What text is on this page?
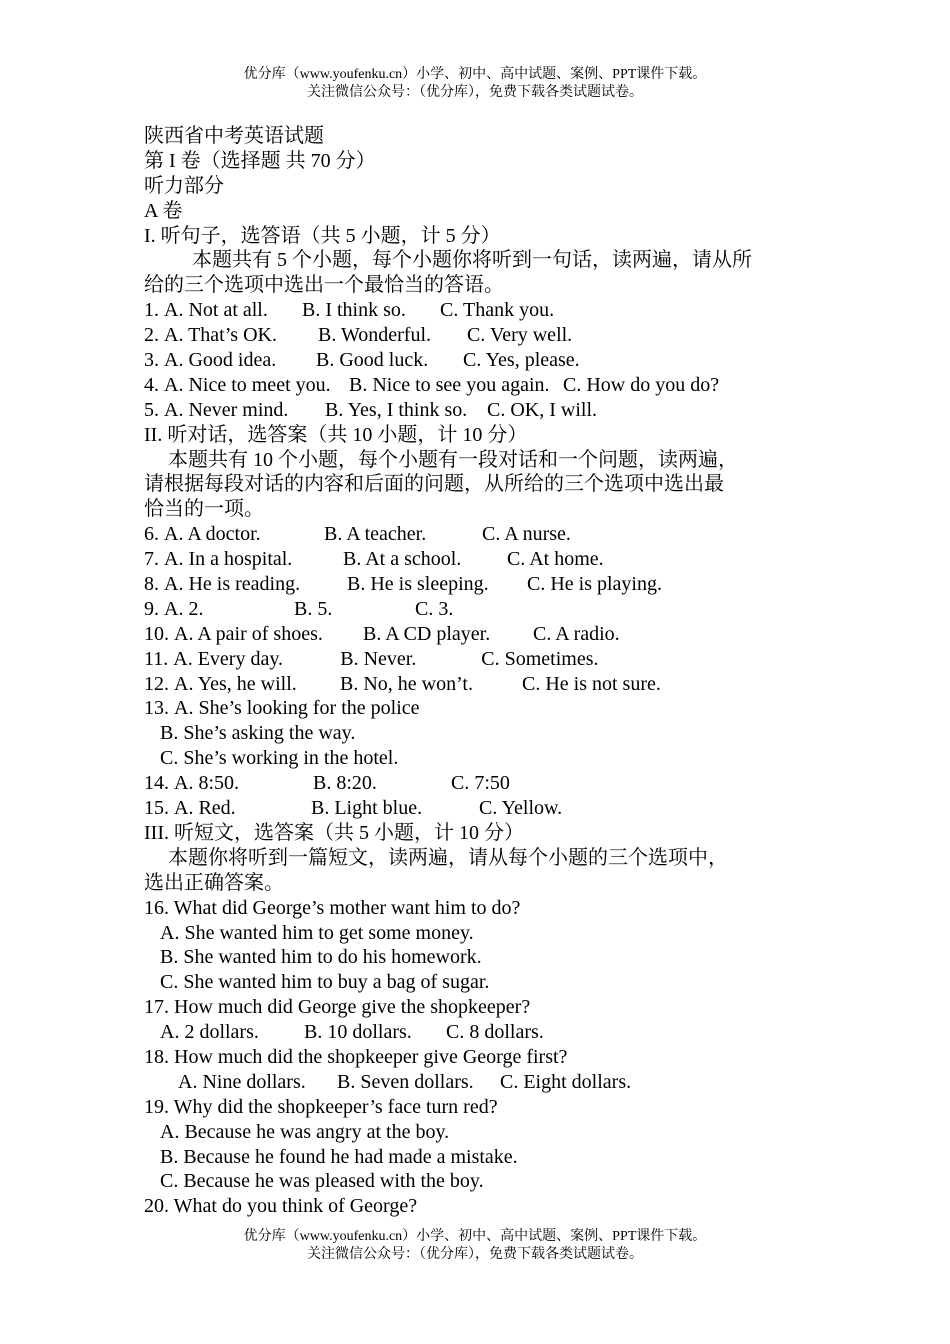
优分库（www.youfenku.cn）小学、初中、高中试题、案例、PPT课件下载。
关注微信公众号：（优分库），免费下载各类试题试卷。
陕西省中考英语试题
第 I 卷（选择题 共 70 分）
听力部分
A 卷
I. 听句子，选答语（共 5 小题，计 5 分）
本题共有 5 个小题，每个小题你将听到一句话，读两遍，请从所
给的三个选项中选出一个最恰当的答语。
1. A. Not at all. B. I think so. C. Thank you.
2. A. That’s OK. B. Wonderful. C. Very well.
3. A. Good idea. B. Good luck. C. Yes, please.
4. A. Nice to meet you. B. Nice to see you again. C. How do you do?
5. A. Never mind. B. Yes, I think so. C. OK, I will.
II. 听对话，选答案（共 10 小题，计 10 分）
本题共有 10 个小题，每个小题有一段对话和一个问题，读两遍，
请根据每段对话的内容和后面的问题，从所给的三个选项中选出最
恰当的一项。
6. A. A doctor.	B. A teacher.	C. A nurse.
7. A. In a hospital.	B. At a school. C. At home.
8. A. He is reading. B. He is sleeping. C. He is playing.
9. A. 2.	B. 5.	C. 3.
10. A. A pair of shoes. B. A CD player. C. A radio.
11. A. Every day.	B. Never.	C. Sometimes.
12. A. Yes, he will. B. No, he won’t. C. He is not sure.
13. A. She’s looking for the police
B. She’s asking the way.
C. She’s working in the hotel.
14. A. 8:50.	B. 8:20.	C. 7:50
15. A. Red.	B. Light blue.	C. Yellow.
III. 听短文，选答案（共 5 小题，计 10 分）
本题你将听到一篇短文，读两遍，请从每个小题的三个选项中，
选出正确答案。
16. What did George’s mother want him to do?
A. She wanted him to get some money.
B. She wanted him to do his homework.
C. She wanted him to buy a bag of sugar.
17. How much did George give the shopkeeper?
A. 2 dollars. B. 10 dollars. C. 8 dollars.
18. How much did the shopkeeper give George first?
A. Nine dollars. B. Seven dollars. C. Eight dollars.
19. Why did the shopkeeper’s face turn red?
A. Because he was angry at the boy.
B. Because he found he had made a mistake.
C. Because he was pleased with the boy.
20. What do you think of George?
优分库（www.youfenku.cn）小学、初中、高中试题、案例、PPT课件下载。
关注微信公众号：（优分库），免费下载各类试题试卷。
